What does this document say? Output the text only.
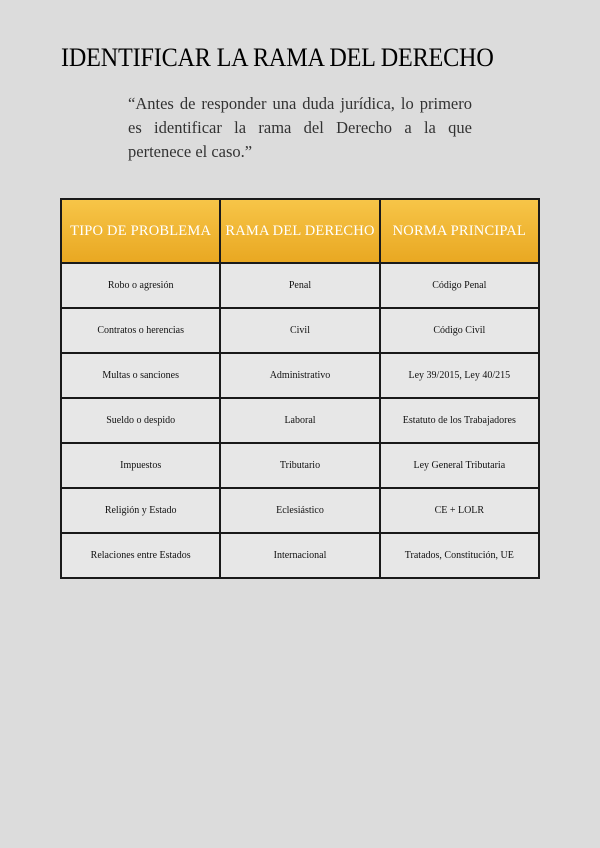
IDENTIFICAR LA RAMA DEL DERECHO

“Antes de responder una duda jurídica, lo primero es identificar la rama del Derecho a la que pertenece el caso.”

TIPO DE PROBLEMA	RAMA DEL DERECHO	NORMA PRINCIPAL
Robo o agresión	Penal	Código Penal
Contratos o herencias	Civil	Código Civil
Multas o sanciones	Administrativo	Ley 39/2015, Ley 40/215
Sueldo o despido	Laboral	Estatuto de los Trabajadores
Impuestos	Tributario	Ley General Tributaria
Religión y Estado	Eclesiástico	CE + LOLR
Relaciones entre Estados	Internacional	Tratados, Constitución, UE
